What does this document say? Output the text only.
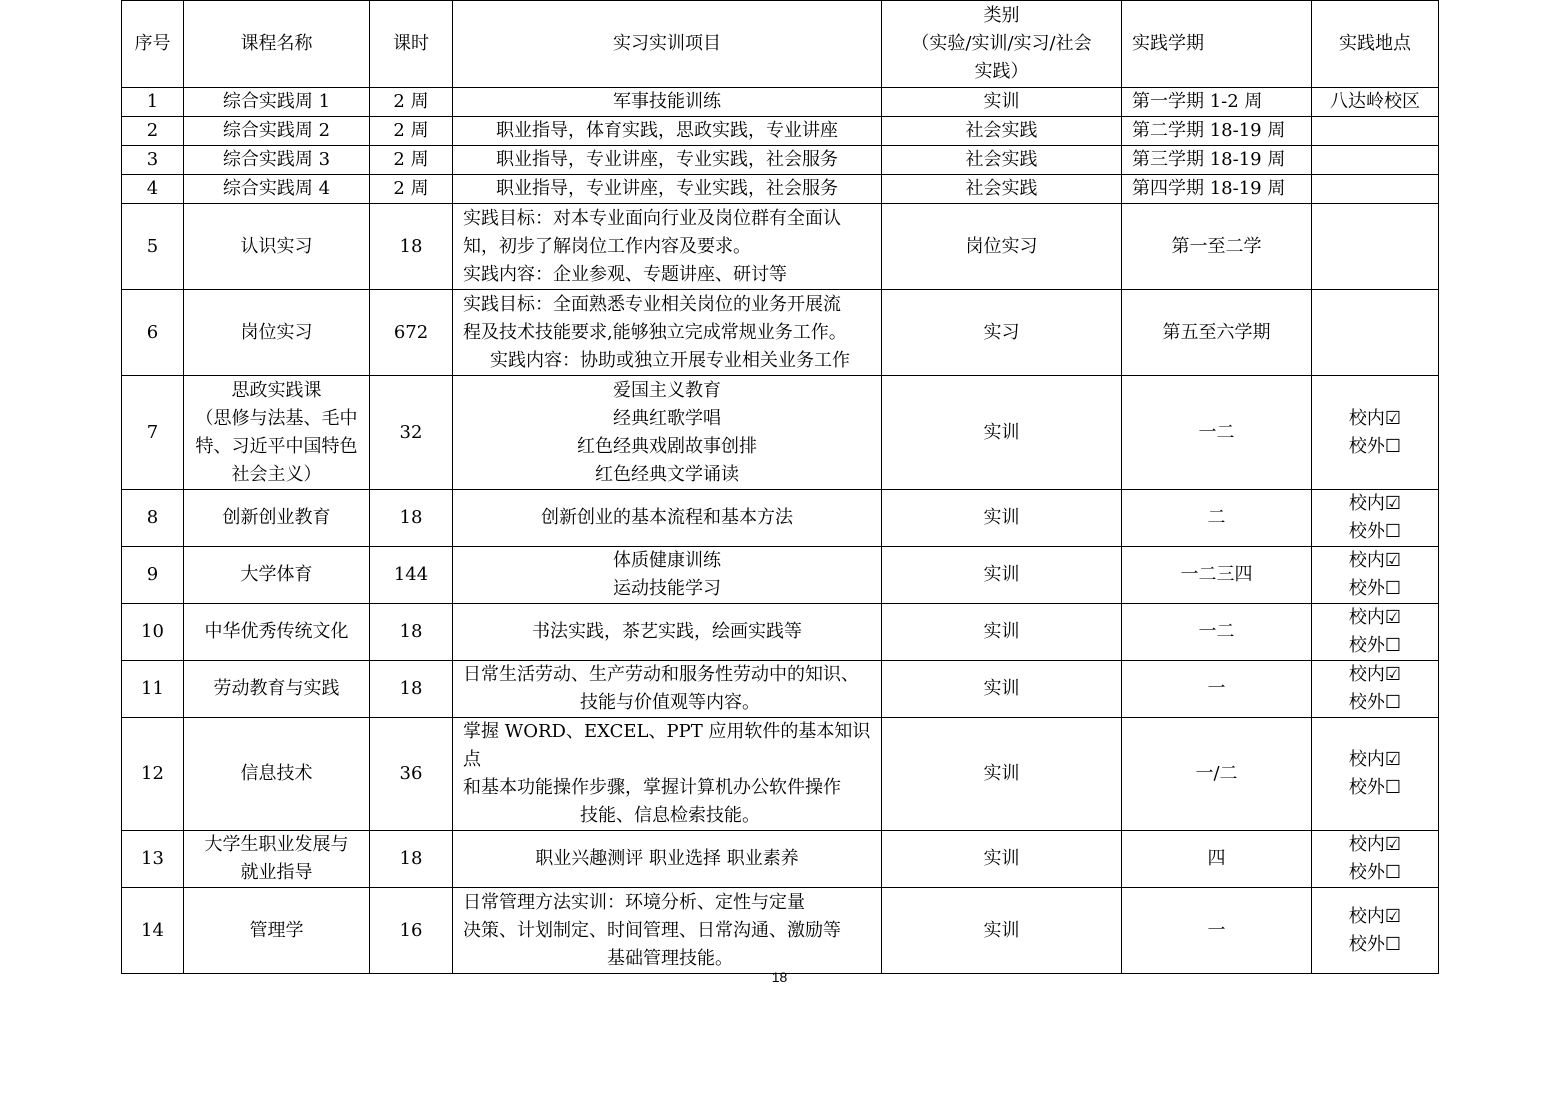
序号	课程名称	课时	实习实训项目	类别
（实验/实训/实习/社会
实践）	实践学期	实践地点
1	综合实践周 1	2 周	军事技能训练	实训	第一学期 1-2 周	八达岭校区

2	综合实践周 2	2 周	职业指导，体育实践，思政实践，专业讲座	社会实践	第二学期 18-19 周	
3	综合实践周 3	2 周	职业指导，专业讲座，专业实践，社会服务	社会实践	第三学期 18-19 周	
4	综合实践周 4	2 周	职业指导，专业讲座，专业实践，社会服务	社会实践	第四学期 18-19 周	
5	认识实习	18	实践目标：对本专业面向行业及岗位群有全面认
知，初步了解岗位工作内容及要求。
实践内容：企业参观、专题讲座、研讨等	岗位实习	第一至二学	
6	岗位实习	672	实践目标：全面熟悉专业相关岗位的业务开展流
程及技术技能要求,能够独立完成常规业务工作。
实践内容：协助或独立开展专业相关业务工作	实习	第五至六学期	
7	思政实践课
（思修与法基、毛中
特、习近平中国特色
社会主义）	32	爱国主义教育
经典红歌学唱
红色经典戏剧故事创排
红色经典文学诵读	实训	一二	校内☑
校外☐

8	创新创业教育	18	创新创业的基本流程和基本方法	实训	二	校内☑
校外☐

9	大学体育	144	体质健康训练
运动技能学习	实训	一二三四	校内☑
校外☐

10	中华优秀传统文化	18	书法实践，茶艺实践，绘画实践等	实训	一二	校内☑
校外☐

11	劳动教育与实践	18	日常生活劳动、生产劳动和服务性劳动中的知识、
技能与价值观等内容。	实训	一	校内☑
校外☐

12	信息技术	36	掌握 WORD、EXCEL、PPT 应用软件的基本知识点
和基本功能操作步骤，掌握计算机办公软件操作
技能、信息检索技能。	实训	一/二	校内☑
校外☐

13	大学生职业发展与
就业指导	18	职业兴趣测评 职业选择 职业素养	实训	四	校内☑
校外☐

14	管理学	16	日常管理方法实训：环境分析、定性与定量
决策、计划制定、时间管理、日常沟通、激励等
基础管理技能。	实训	一	校内☑
校外☐
18
